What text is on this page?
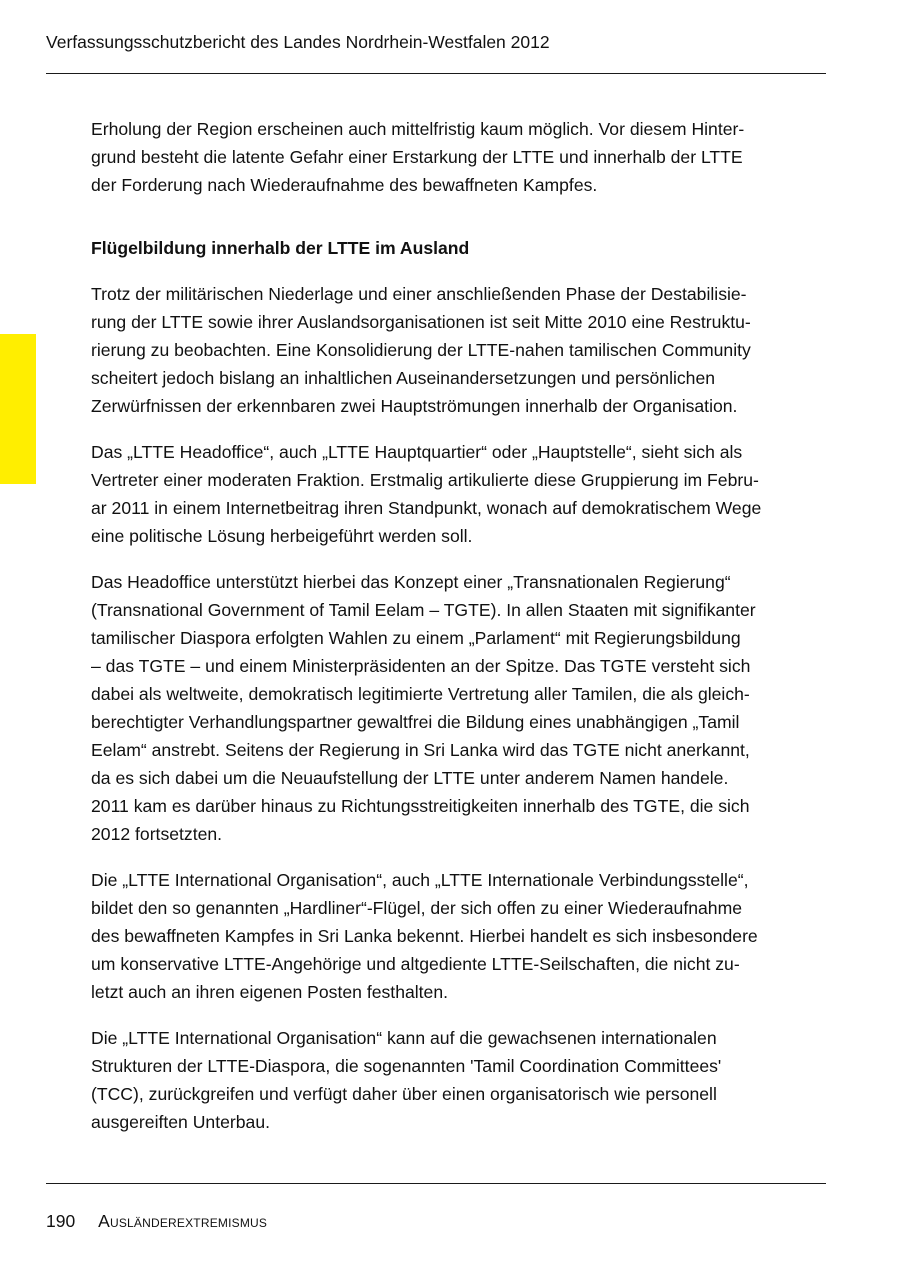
Verfassungsschutzbericht des Landes Nordrhein-Westfalen 2012

Erholung der Region erscheinen auch mittelfristig kaum möglich. Vor diesem Hinter-
grund besteht die latente Gefahr einer Erstarkung der LTTE und innerhalb der LTTE
der Forderung nach Wiederaufnahme des bewaffneten Kampfes.

Flügelbildung innerhalb der LTTE im Ausland

Trotz der militärischen Niederlage und einer anschließenden Phase der Destabilisie-
rung der LTTE sowie ihrer Auslandsorganisationen ist seit Mitte 2010 eine Restruktu-
rierung zu beobachten. Eine Konsolidierung der LTTE-nahen tamilischen Community
scheitert jedoch bislang an inhaltlichen Auseinandersetzungen und persönlichen
Zerwürfnissen der erkennbaren zwei Hauptströmungen innerhalb der Organisation.

Das „LTTE Headoffice“, auch „LTTE Hauptquartier“ oder „Hauptstelle“, sieht sich als
Vertreter einer moderaten Fraktion. Erstmalig artikulierte diese Gruppierung im Febru-
ar 2011 in einem Internetbeitrag ihren Standpunkt, wonach auf demokratischem Wege
eine politische Lösung herbeigeführt werden soll.

Das Headoffice unterstützt hierbei das Konzept einer „Transnationalen Regierung“
(Transnational Government of Tamil Eelam – TGTE). In allen Staaten mit signifikanter
tamilischer Diaspora erfolgten Wahlen zu einem „Parlament“ mit Regierungsbildung
– das TGTE – und einem Ministerpräsidenten an der Spitze. Das TGTE versteht sich
dabei als weltweite, demokratisch legitimierte Vertretung aller Tamilen, die als gleich-
berechtigter Verhandlungspartner gewaltfrei die Bildung eines unabhängigen „Tamil
Eelam“ anstrebt. Seitens der Regierung in Sri Lanka wird das TGTE nicht anerkannt,
da es sich dabei um die Neuaufstellung der LTTE unter anderem Namen handele.
2011 kam es darüber hinaus zu Richtungsstreitigkeiten innerhalb des TGTE, die sich
2012 fortsetzten.

Die „LTTE International Organisation“, auch „LTTE Internationale Verbindungsstelle“,
bildet den so genannten „Hardliner“-Flügel, der sich offen zu einer Wiederaufnahme
des bewaffneten Kampfes in Sri Lanka bekennt. Hierbei handelt es sich insbesondere
um konservative LTTE-Angehörige und altgediente LTTE-Seilschaften, die nicht zu-
letzt auch an ihren eigenen Posten festhalten.

Die „LTTE International Organisation“ kann auf die gewachsenen internationalen
Strukturen der LTTE-Diaspora, die sogenannten 'Tamil Coordination Committees'
(TCC), zurückgreifen und verfügt daher über einen organisatorisch wie personell
ausgereiften Unterbau.

190 Ausländerextremismus
